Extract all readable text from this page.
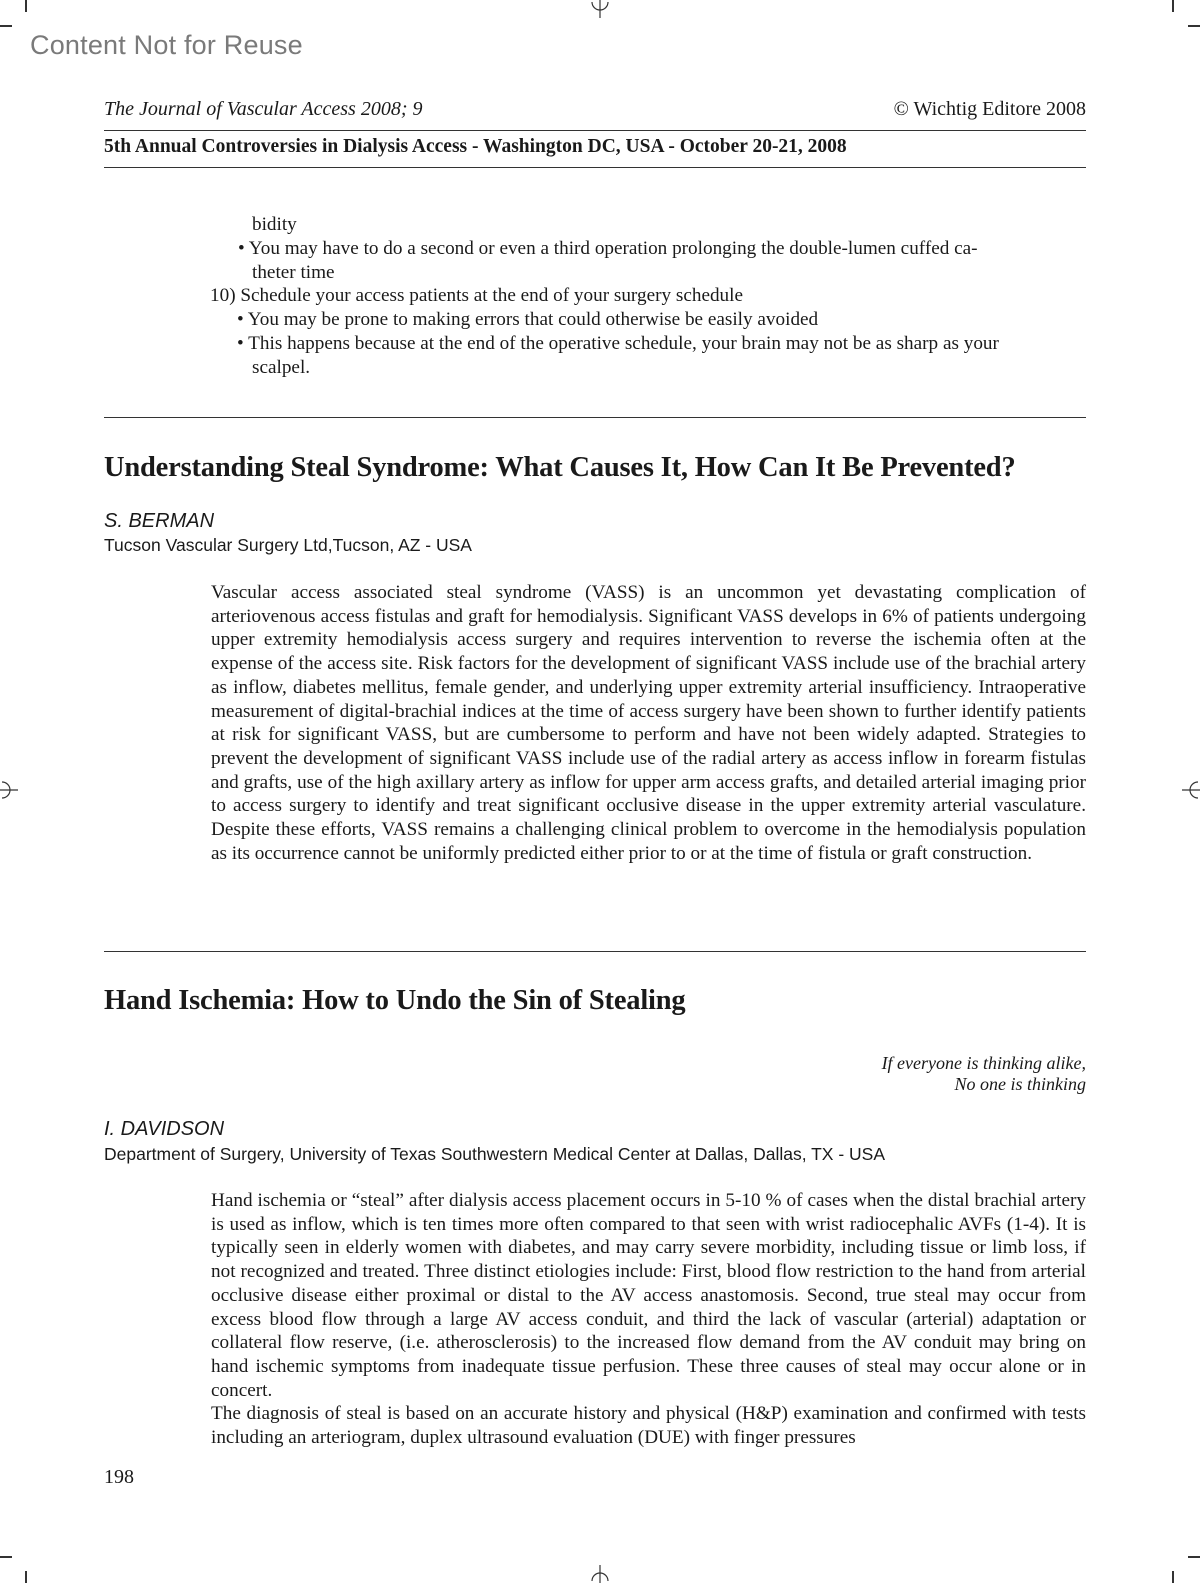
Content Not for Reuse
The Journal of Vascular Access 2008; 9	© Wichtig Editore 2008
5th Annual Controversies in Dialysis Access - Washington DC, USA - October 20-21, 2008
bidity
• You may have to do a second or even a third operation prolonging the double-lumen cuffed ca-
theter time
10) Schedule your access patients at the end of your surgery schedule
• You may be prone to making errors that could otherwise be easily avoided
• This happens because at the end of the operative schedule, your brain may not be as sharp as your
scalpel.
Understanding Steal Syndrome: What Causes It, How Can It Be Prevented?
S. BERMAN
Tucson Vascular Surgery Ltd,Tucson, AZ - USA
Vascular access associated steal syndrome (VASS) is an uncommon yet devastating complication of arteriovenous access fistulas and graft for hemodialysis. Significant VASS develops in 6% of patients undergoing upper extremity hemodialysis access surgery and requires intervention to reverse the ischemia often at the expense of the access site. Risk factors for the development of significant VASS include use of the brachial artery as inflow, diabetes mellitus, female gender, and underlying upper extremity arterial insufficiency. Intraoperative measurement of digital-brachial indices at the time of access surgery have been shown to further identify patients at risk for significant VASS, but are cumbersome to perform and have not been widely adapted. Strategies to prevent the development of significant VASS include use of the radial artery as access inflow in forearm fistulas and grafts, use of the high axillary artery as inflow for upper arm access grafts, and detailed arterial imaging prior to access surgery to identify and treat significant occlusive disease in the upper extremity arterial vasculature. Despite these efforts, VASS remains a challenging clinical problem to overcome in the hemodialysis population as its occurrence cannot be uniformly predicted either prior to or at the time of fistula or graft construction.
Hand Ischemia: How to Undo the Sin of Stealing
If everyone is thinking alike,
No one is thinking
I. DAVIDSON
Department of Surgery, University of Texas Southwestern Medical Center at Dallas, Dallas, TX - USA
Hand ischemia or “steal” after dialysis access placement occurs in 5-10 % of cases when the distal brachial artery is used as inflow, which is ten times more often compared to that seen with wrist radiocephalic AVFs (1-4). It is typically seen in elderly women with diabetes, and may carry severe morbidity, including tissue or limb loss, if not recognized and treated. Three distinct etiologies include: First, blood flow restriction to the hand from arterial occlusive disease either proximal or distal to the AV access anastomosis. Second, true steal may occur from excess blood flow through a large AV access conduit, and third the lack of vascular (arterial) adaptation or collateral flow reserve, (i.e. atherosclerosis) to the increased flow demand from the AV conduit may bring on hand ischemic symptoms from inadequate tissue perfusion. These three causes of steal may occur alone or in concert.
The diagnosis of steal is based on an accurate history and physical (H&P) examination and confirmed with tests including an arteriogram, duplex ultrasound evaluation (DUE) with finger pressures
198
